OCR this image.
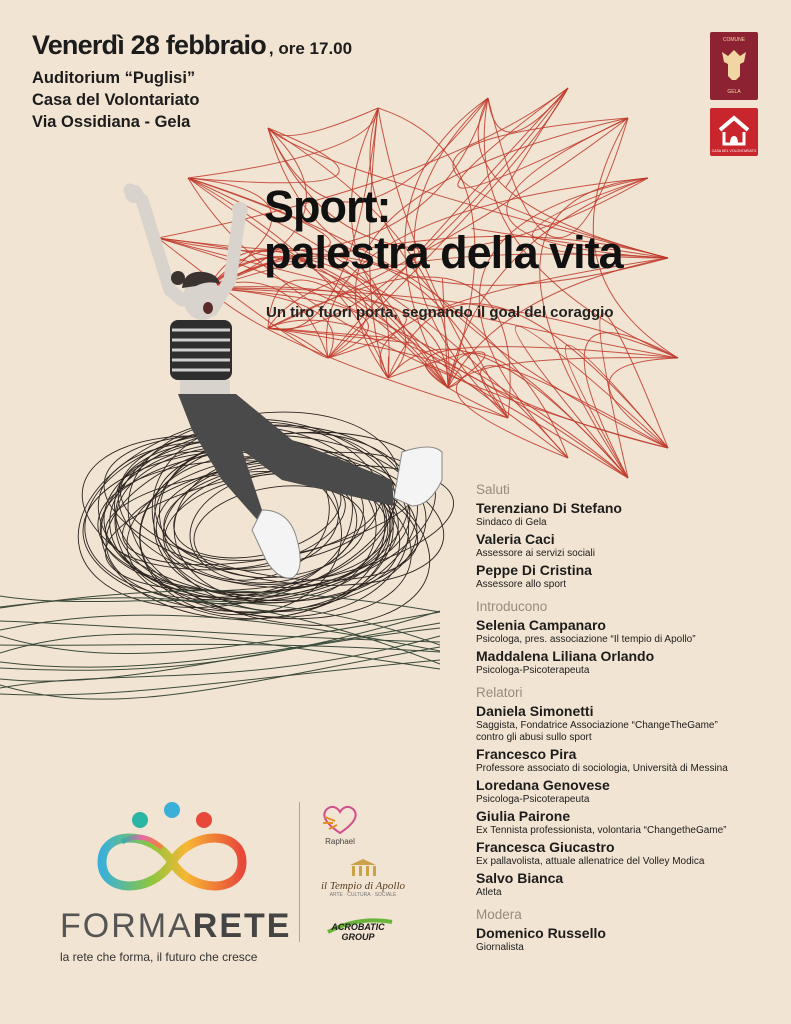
Venerdì 28 febbraio , ore 17.00
Auditorium “Puglisi”
Casa del Volontariato
Via Ossidiana - Gela
COMUNE
GELA
CASA DEL VOLONTARIATO
Sport:
palestra della vita
Un tiro fuori porta, segnando il goal del coraggio
Saluti
Terenziano Di Stefano
Sindaco di Gela
Valeria Caci
Assessore ai servizi sociali
Peppe Di Cristina
Assessore allo sport
Introducono
Selenia Campanaro
Psicologa, pres. associazione “Il tempio di Apollo”
Maddalena Liliana Orlando
Psicologa-Psicoterapeuta
Relatori
Daniela Simonetti
Saggista, Fondatrice Associazione “ChangeTheGame”
contro gli abusi sullo sport
Francesco Pira
Professore associato di sociologia, Università di Messina
Loredana Genovese
Psicologa-Psicoterapeuta
Giulia Pairone
Ex Tennista professionista, volontaria “ChangetheGame”
Francesca Giucastro
Ex pallavolista, attuale allenatrice del Volley Modica
Salvo Bianca
Atleta
Modera
Domenico Russello
Giornalista
FORMARETE
la rete che forma, il futuro che cresce
Raphael
il Tempio di Apollo
ARTE · CULTURA · SOCIALE
ACROBATIC GROUP
